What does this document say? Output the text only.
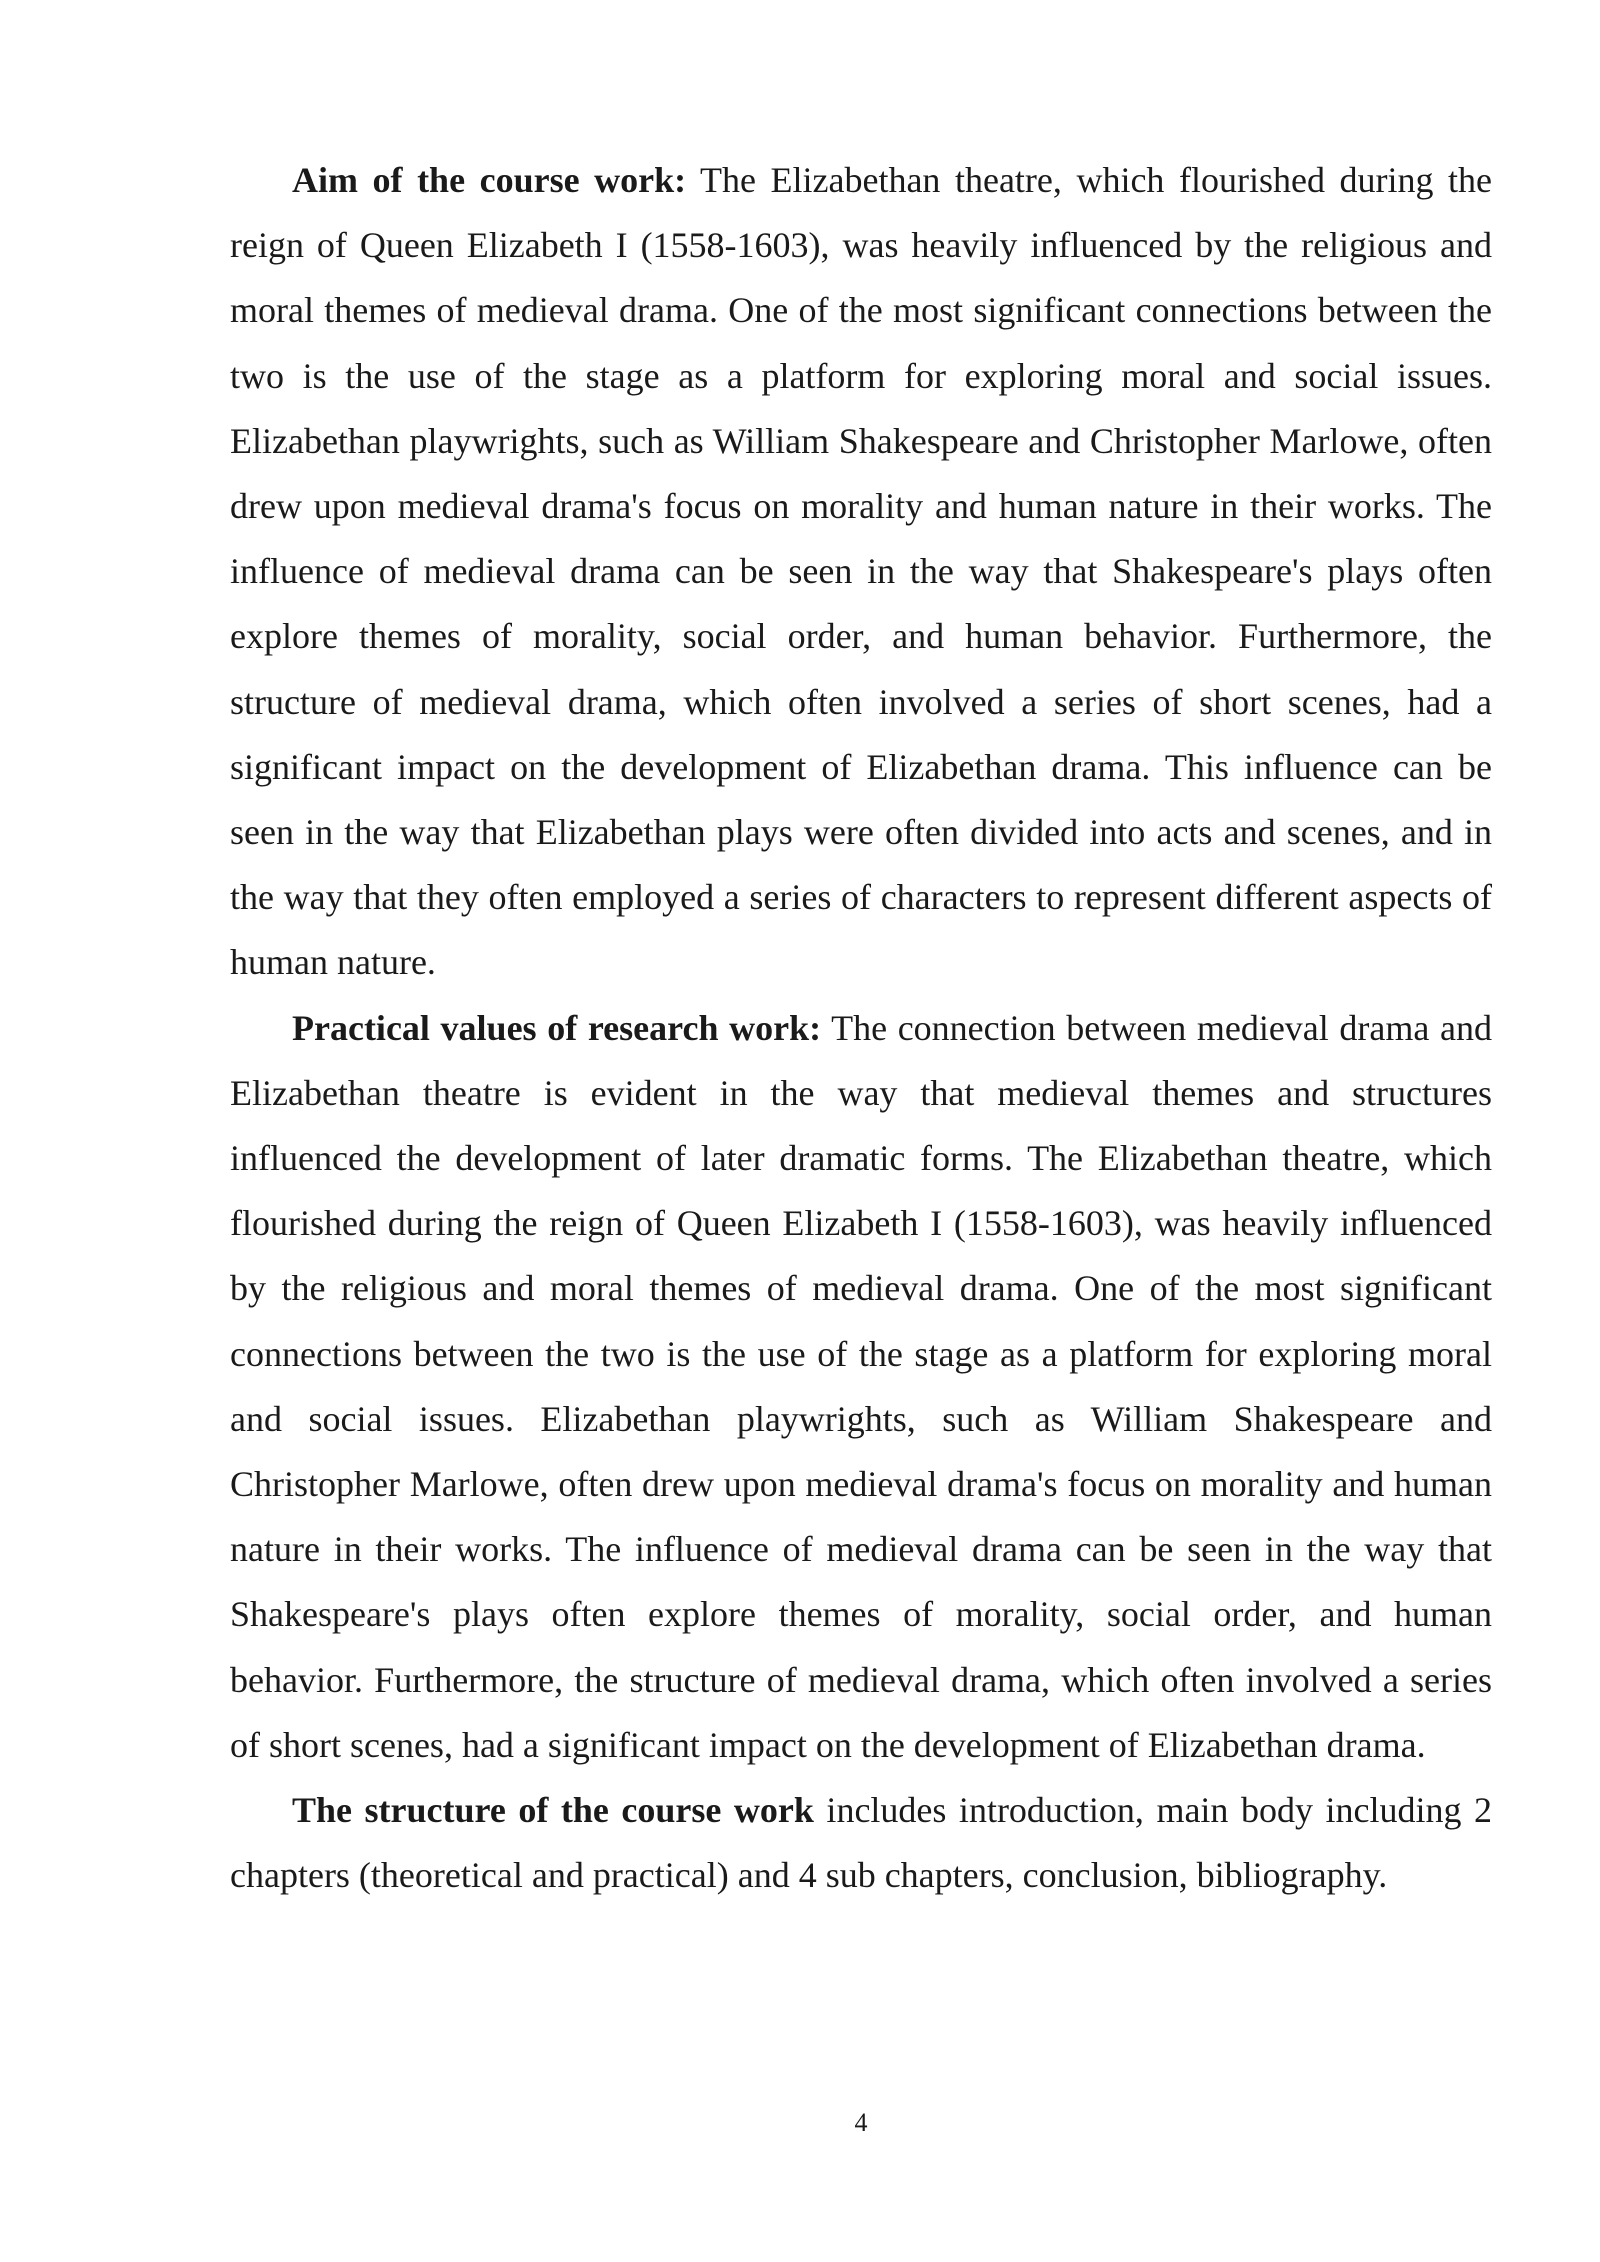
Aim of the course work: The Elizabethan theatre, which flourished during the reign of Queen Elizabeth I (1558-1603), was heavily influenced by the religious and moral themes of medieval drama. One of the most significant connections between the two is the use of the stage as a platform for exploring moral and social issues. Elizabethan playwrights, such as William Shakespeare and Christopher Marlowe, often drew upon medieval drama's focus on morality and human nature in their works. The influence of medieval drama can be seen in the way that Shakespeare's plays often explore themes of morality, social order, and human behavior. Furthermore, the structure of medieval drama, which often involved a series of short scenes, had a significant impact on the development of Elizabethan drama. This influence can be seen in the way that Elizabethan plays were often divided into acts and scenes, and in the way that they often employed a series of characters to represent different aspects of human nature.

Practical values of research work: The connection between medieval drama and Elizabethan theatre is evident in the way that medieval themes and structures influenced the development of later dramatic forms. The Elizabethan theatre, which flourished during the reign of Queen Elizabeth I (1558-1603), was heavily influenced by the religious and moral themes of medieval drama. One of the most significant connections between the two is the use of the stage as a platform for exploring moral and social issues. Elizabethan playwrights, such as William Shakespeare and Christopher Marlowe, often drew upon medieval drama's focus on morality and human nature in their works. The influence of medieval drama can be seen in the way that Shakespeare's plays often explore themes of morality, social order, and human behavior. Furthermore, the structure of medieval drama, which often involved a series of short scenes, had a significant impact on the development of Elizabethan drama.

The structure of the course work includes introduction, main body including 2 chapters (theoretical and practical) and 4 sub chapters, conclusion, bibliography.

4
